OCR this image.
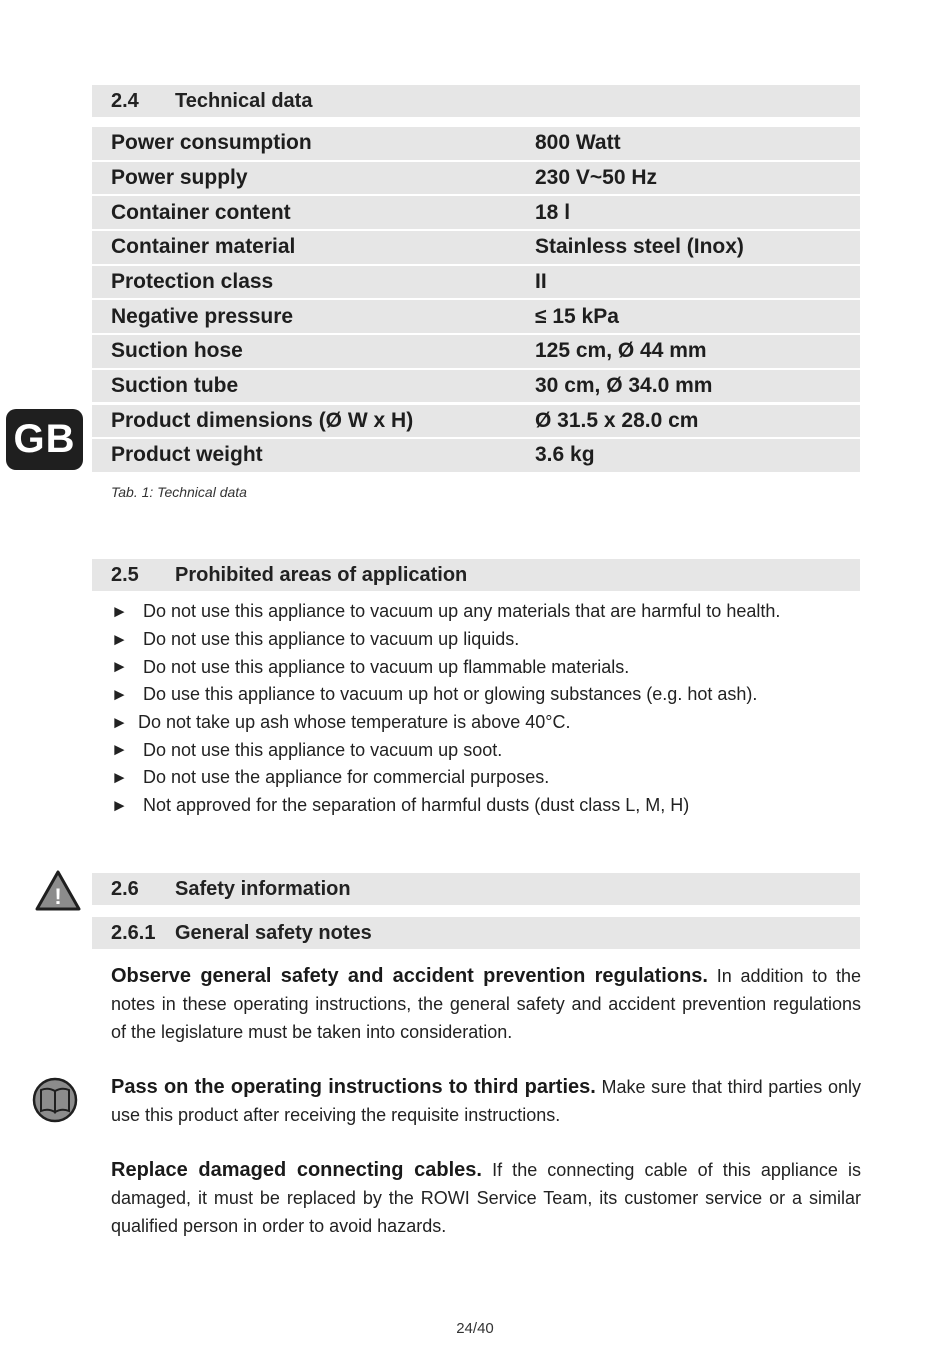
2.4	Technical data
Power consumption	800 Watt
Power supply	230 V~50 Hz
Container content	18 l
Container material	Stainless steel (Inox)
Protection class	II
Negative pressure	≤ 15 kPa
Suction hose	125 cm, Ø 44 mm
Suction tube	30 cm, Ø 34.0 mm
Product dimensions (Ø W x H)	Ø 31.5 x 28.0 cm
Product weight	3.6 kg
Tab. 1: Technical data
GB
2.5	Prohibited areas of application
► Do not use this appliance to vacuum up any materials that are harmful to health.
► Do not use this appliance to vacuum up liquids.
► Do not use this appliance to vacuum up flammable materials.
► Do use this appliance to vacuum up hot or glowing substances (e.g. hot ash).
► Do not take up ash whose temperature is above 40°C.
► Do not use this appliance to vacuum up soot.
► Do not use the appliance for commercial purposes.
► Not approved for the separation of harmful dusts (dust class L, M, H)
! 2.6	Safety information
2.6.1 General safety notes
Observe general safety and accident prevention regulations. In addition to the notes in these operating instructions, the general safety and accident prevention regulations of the legislature must be taken into consideration.
Pass on the operating instructions to third parties. Make sure that third parties only use this product after receiving the requisite instructions.
Replace damaged connecting cables. If the connecting cable of this appliance is damaged, it must be replaced by the ROWI Service Team, its customer service or a similar qualified person in order to avoid hazards.
24/40
